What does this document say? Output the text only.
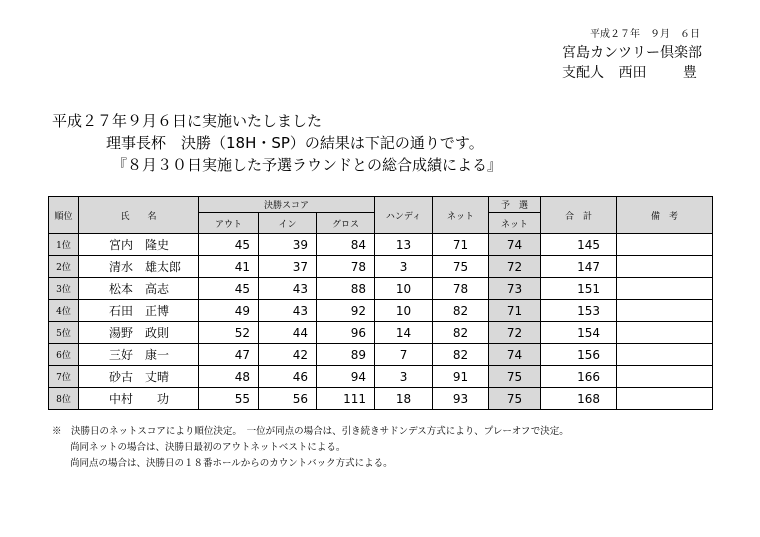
平成２７年　９月　６日
宮島カンツリー倶楽部
支配人 西田	豊
平成２７年９月６日に実施いたしました
理事長杯　決勝（18H・SP）の結果は下記の通りです。
『８月３０日実施した予選ラウンドとの総合成績による』
順位	氏　　名	決勝スコア			ハンディ	ネット	予　選	合　計	備　考
		アウト	イン	グロス			ネット		
1位	宮内　隆史	45	39	84	13	71	74	145	
2位	清水　雄太郎	41	37	78	3	75	72	147	
3位	松本　高志	45	43	88	10	78	73	151	
4位	石田　正博	49	43	92	10	82	71	153	
5位	湯野　政則	52	44	96	14	82	72	154	
6位	三好　康一	47	42	89	7	82	74	156	
7位	砂古　丈晴	48	46	94	3	91	75	166	
8位	中村　　功	55	56	111	18	93	75	168	
※　決勝日のネットスコアにより順位決定。　一位が同点の場合は、引き続きサドンデス方式により、プレーオフで決定。
尚同ネットの場合は、決勝日最初のアウトネットベストによる。
尚同点の場合は、決勝日の１８番ホールからのカウントバック方式による。
